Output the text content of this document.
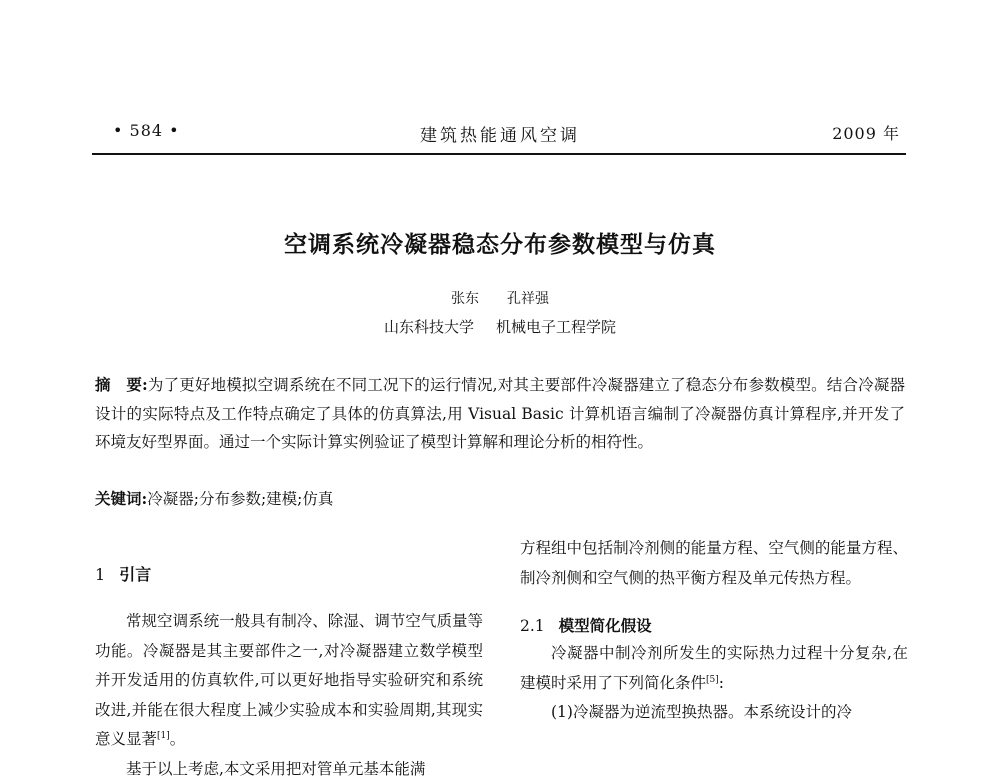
• 584 •	建筑热能通风空调	2009 年
空调系统冷凝器稳态分布参数模型与仿真
张东 孔祥强
山东科技大学 机械电子工程学院
摘　要:为了更好地模拟空调系统在不同工况下的运行情况,对其主要部件冷凝器建立了稳态分布参数模型。结合冷凝器设计的实际特点及工作特点确定了具体的仿真算法,用 Visual Basic 计算机语言编制了冷凝器仿真计算程序,并开发了环境友好型界面。通过一个实际计算实例验证了模型计算解和理论分析的相符性。
关键词:冷凝器;分布参数;建模;仿真
1 引言

常规空调系统一般具有制冷、除湿、调节空气质量等功能。冷凝器是其主要部件之一,对冷凝器建立数学模型并开发适用的仿真软件,可以更好地指导实验研究和系统改进,并能在很大程度上减少实验成本和实验周期,其现实意义显著[1]。

基于以上考虑,本文采用把对管单元基本能满

方程组中包括制冷剂侧的能量方程、空气侧的能量方程、制冷剂侧和空气侧的热平衡方程及单元传热方程。

2.1 模型简化假设

冷凝器中制冷剂所发生的实际热力过程十分复杂,在建模时采用了下列简化条件[5]:

(1)冷凝器为逆流型换热器。本系统设计的冷
